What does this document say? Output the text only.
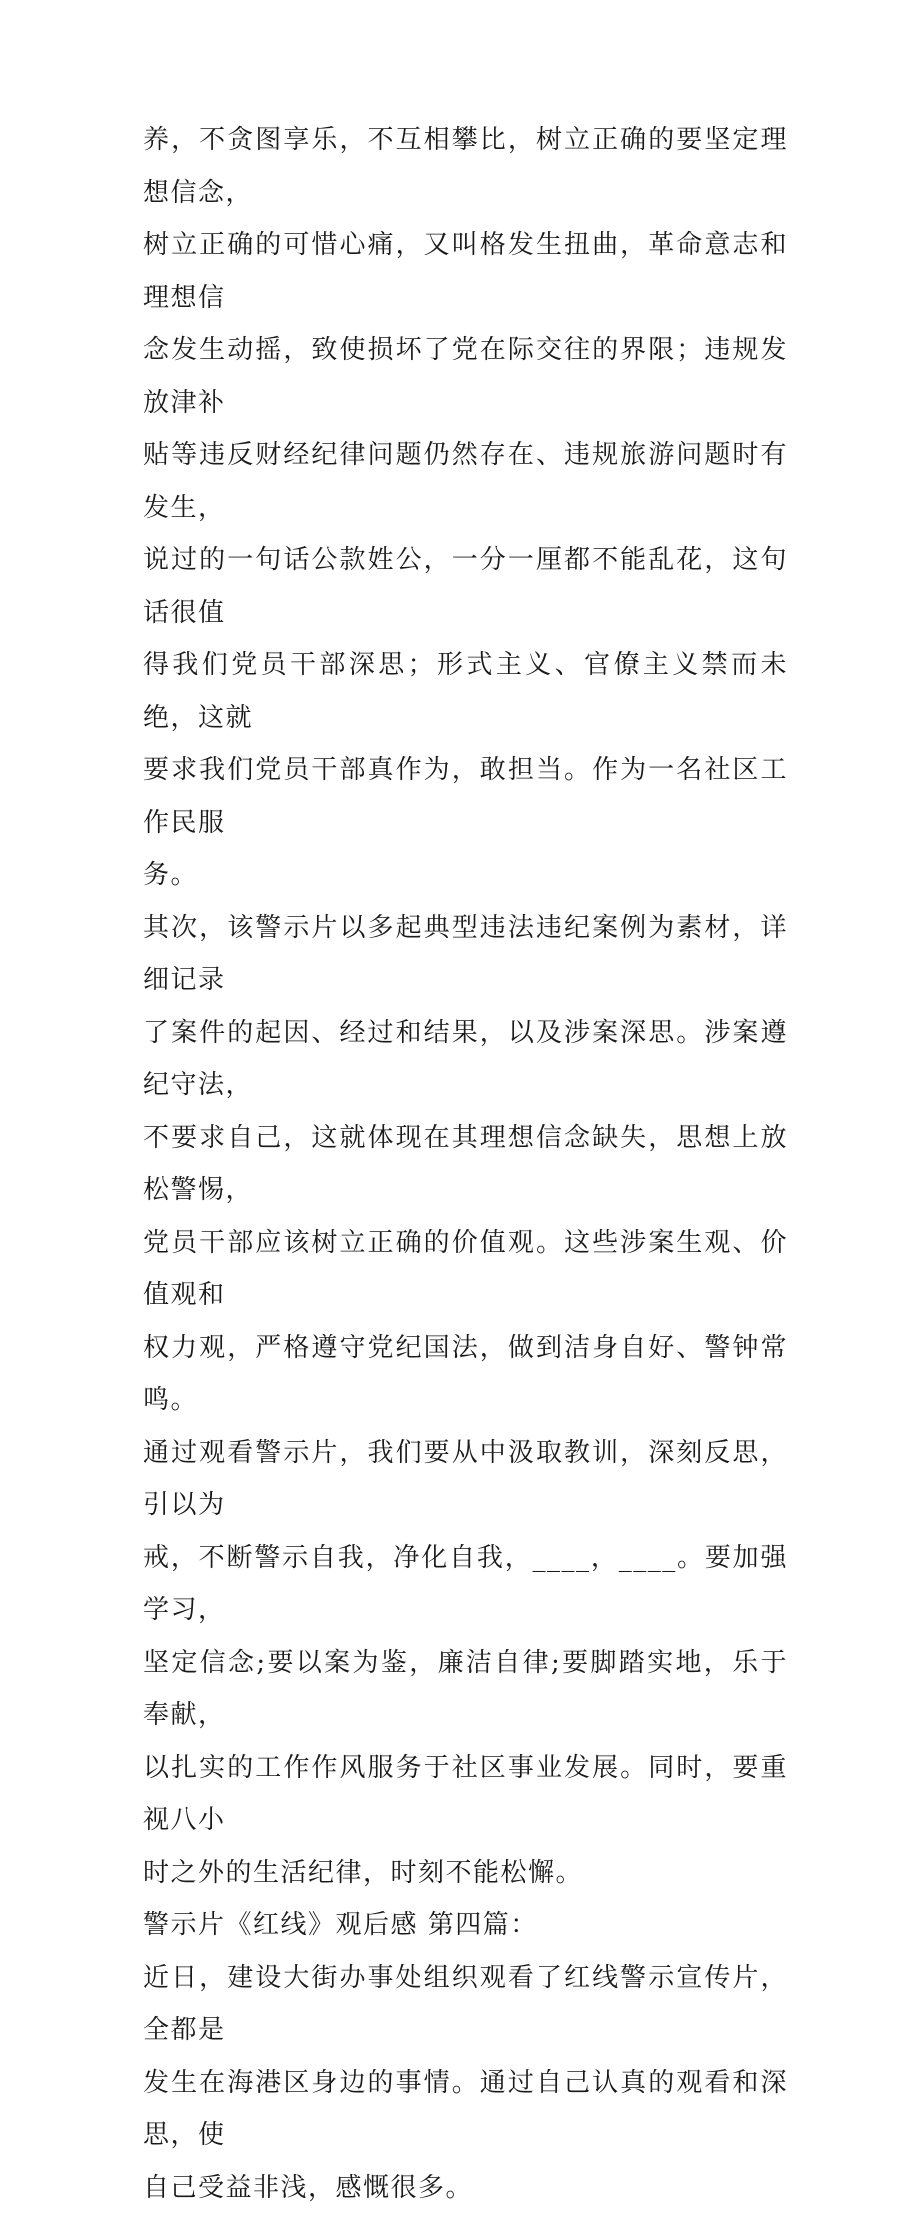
养，不贪图享乐，不互相攀比，树立正确的要坚定理想信念，
树立正确的可惜心痛，又叫格发生扭曲，革命意志和理想信
念发生动摇，致使损坏了党在际交往的界限；违规发放津补
贴等违反财经纪律问题仍然存在、违规旅游问题时有发生，
说过的一句话公款姓公，一分一厘都不能乱花，这句话很值
得我们党员干部深思；形式主义、官僚主义禁而未绝，这就
要求我们党员干部真作为，敢担当。作为一名社区工作民服
务。
其次，该警示片以多起典型违法违纪案例为素材，详细记录
了案件的起因、经过和结果，以及涉案深思。涉案遵纪守法，
不要求自己，这就体现在其理想信念缺失，思想上放松警惕，
党员干部应该树立正确的价值观。这些涉案生观、价值观和
权力观，严格遵守党纪国法，做到洁身自好、警钟常鸣。
通过观看警示片，我们要从中汲取教训，深刻反思，引以为
戒，不断警示自我，净化自我，____，____。要加强学习，
坚定信念;要以案为鉴，廉洁自律;要脚踏实地，乐于奉献，
以扎实的工作作风服务于社区事业发展。同时，要重视八小
时之外的生活纪律，时刻不能松懈。
警示片《红线》观后感 第四篇：
近日，建设大街办事处组织观看了红线警示宣传片，全都是
发生在海港区身边的事情。通过自己认真的观看和深思，使
自己受益非浅，感慨很多。
